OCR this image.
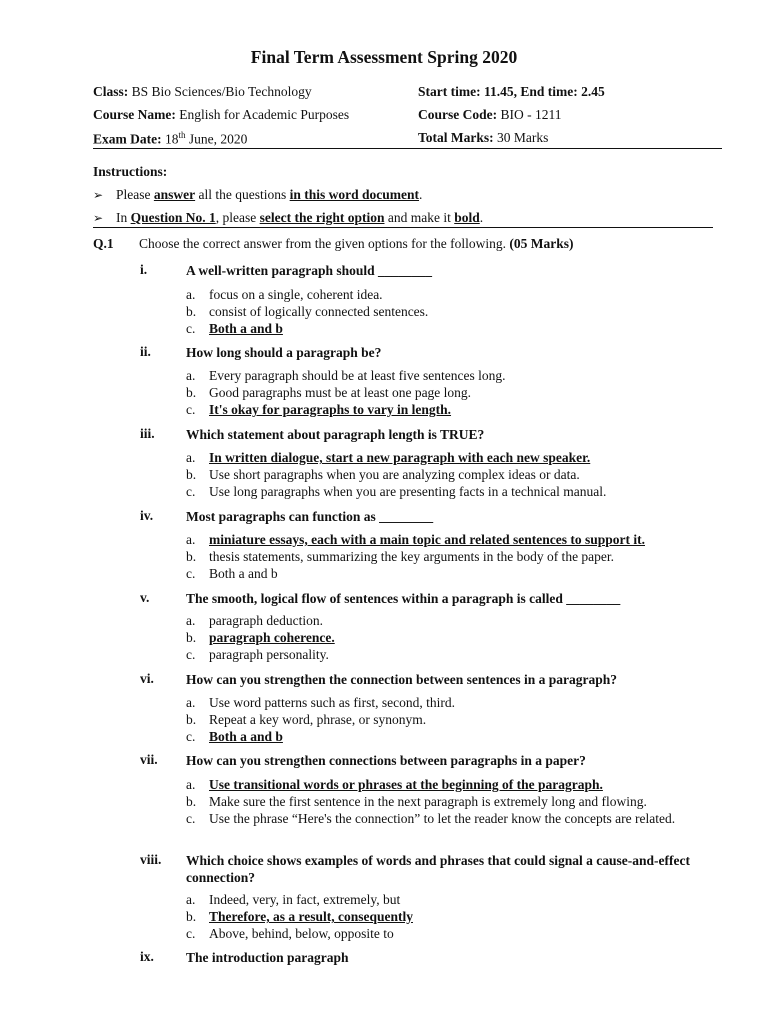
Final Term Assessment Spring 2020
Class: BS Bio Sciences/Bio Technology	Start time: 11.45, End time: 2.45
Course Name: English for Academic Purposes	Course Code: BIO - 1211
Exam Date: 18th June, 2020	Total Marks: 30 Marks
Instructions:
➢ Please answer all the questions in this word document.
➢ In Question No. 1, please select the right option and make it bold.
Q.1 Choose the correct answer from the given options for the following. (05 Marks)
i.	A well-written paragraph should ________
a. focus on a single, coherent idea.
b. consist of logically connected sentences.
c. Both a and b
ii.	How long should a paragraph be?
a. Every paragraph should be at least five sentences long.
b. Good paragraphs must be at least one page long.
c. It's okay for paragraphs to vary in length.
iii. Which statement about paragraph length is TRUE?
a. In written dialogue, start a new paragraph with each new speaker.
b. Use short paragraphs when you are analyzing complex ideas or data.
c. Use long paragraphs when you are presenting facts in a technical manual.
iv. Most paragraphs can function as ________
a. miniature essays, each with a main topic and related sentences to support it.
b. thesis statements, summarizing the key arguments in the body of the paper.
c. Both a and b
v.	The smooth, logical flow of sentences within a paragraph is called ________
a. paragraph deduction.
b. paragraph coherence.
c. paragraph personality.
vi. How can you strengthen the connection between sentences in a paragraph?
a. Use word patterns such as first, second, third.
b. Repeat a key word, phrase, or synonym.
c. Both a and b
vii. How can you strengthen connections between paragraphs in a paper?
a. Use transitional words or phrases at the beginning of the paragraph.
b. Make sure the first sentence in the next paragraph is extremely long and flowing.
c. Use the phrase “Here's the connection” to let the reader know the concepts are related.
viii. Which choice shows examples of words and phrases that could signal a cause-and-effect connection?
a. Indeed, very, in fact, extremely, but
b. Therefore, as a result, consequently
c. Above, behind, below, opposite to
ix. The introduction paragraph
